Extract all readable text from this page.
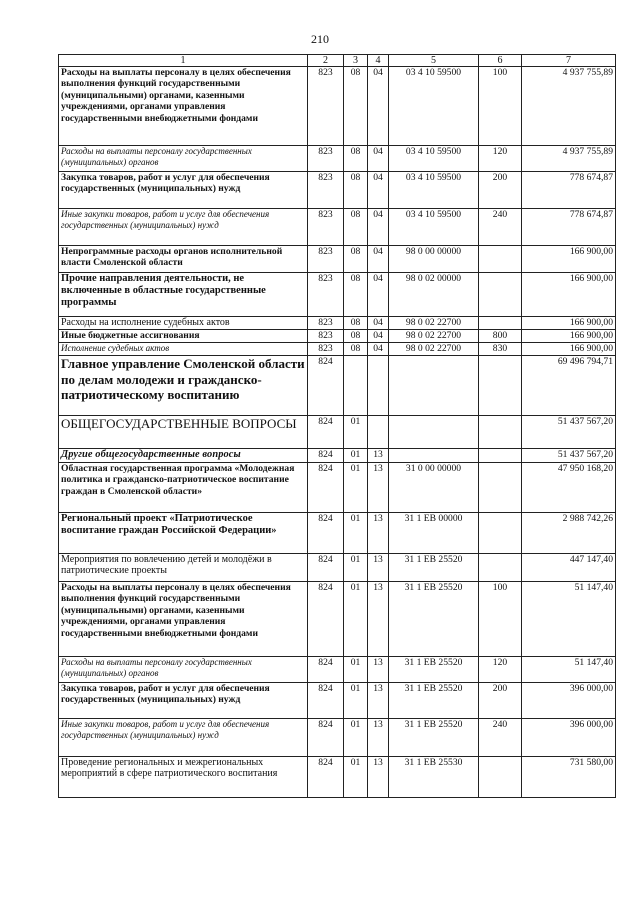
210
1	2	3	4	5	6	7
Расходы на выплаты персоналу в целях обеспечения выполнения функций государственными (муниципальными) органами, казенными учреждениями, органами управления государственными внебюджетными фондами	823	08	04	03 4 10 59500	100	4 937 755,89
Расходы на выплаты персоналу государственных (муниципальных) органов	823	08	04	03 4 10 59500	120	4 937 755,89
Закупка товаров, работ и услуг для обеспечения государственных (муниципальных) нужд	823	08	04	03 4 10 59500	200	778 674,87
Иные закупки товаров, работ и услуг для обеспечения государственных (муниципальных) нужд	823	08	04	03 4 10 59500	240	778 674,87
Непрограммные расходы органов исполнительной власти Смоленской области	823	08	04	98 0 00 00000		166 900,00
Прочие направления деятельности, не включенные в областные государственные программы	823	08	04	98 0 02 00000		166 900,00
Расходы на исполнение судебных актов	823	08	04	98 0 02 22700		166 900,00
Иные бюджетные ассигнования	823	08	04	98 0 02 22700	800	166 900,00
Исполнение судебных актов	823	08	04	98 0 02 22700	830	166 900,00
Главное управление Смоленской области по делам молодежи и гражданско-патриотическому воспитанию	824					69 496 794,71
ОБЩЕГОСУДАРСТВЕННЫЕ ВОПРОСЫ	824	01				51 437 567,20
Другие общегосударственные вопросы	824	01	13			51 437 567,20
Областная государственная программа «Молодежная политика и гражданско-патриотическое воспитание граждан в Смоленской области»	824	01	13	31 0 00 00000		47 950 168,20
Региональный проект «Патриотическое воспитание граждан Российской Федерации»	824	01	13	31 1 ЕВ 00000		2 988 742,26
Мероприятия по вовлечению детей и молодёжи в патриотические проекты	824	01	13	31 1 ЕВ 25520		447 147,40
Расходы на выплаты персоналу в целях обеспечения выполнения функций государственными (муниципальными) органами, казенными учреждениями, органами управления государственными внебюджетными фондами	824	01	13	31 1 ЕВ 25520	100	51 147,40
Расходы на выплаты персоналу государственных (муниципальных) органов	824	01	13	31 1 ЕВ 25520	120	51 147,40
Закупка товаров, работ и услуг для обеспечения государственных (муниципальных) нужд	824	01	13	31 1 ЕВ 25520	200	396 000,00
Иные закупки товаров, работ и услуг для обеспечения государственных (муниципальных) нужд	824	01	13	31 1 ЕВ 25520	240	396 000,00
Проведение региональных и межрегиональных мероприятий в сфере патриотического воспитания	824	01	13	31 1 ЕВ 25530		731 580,00
